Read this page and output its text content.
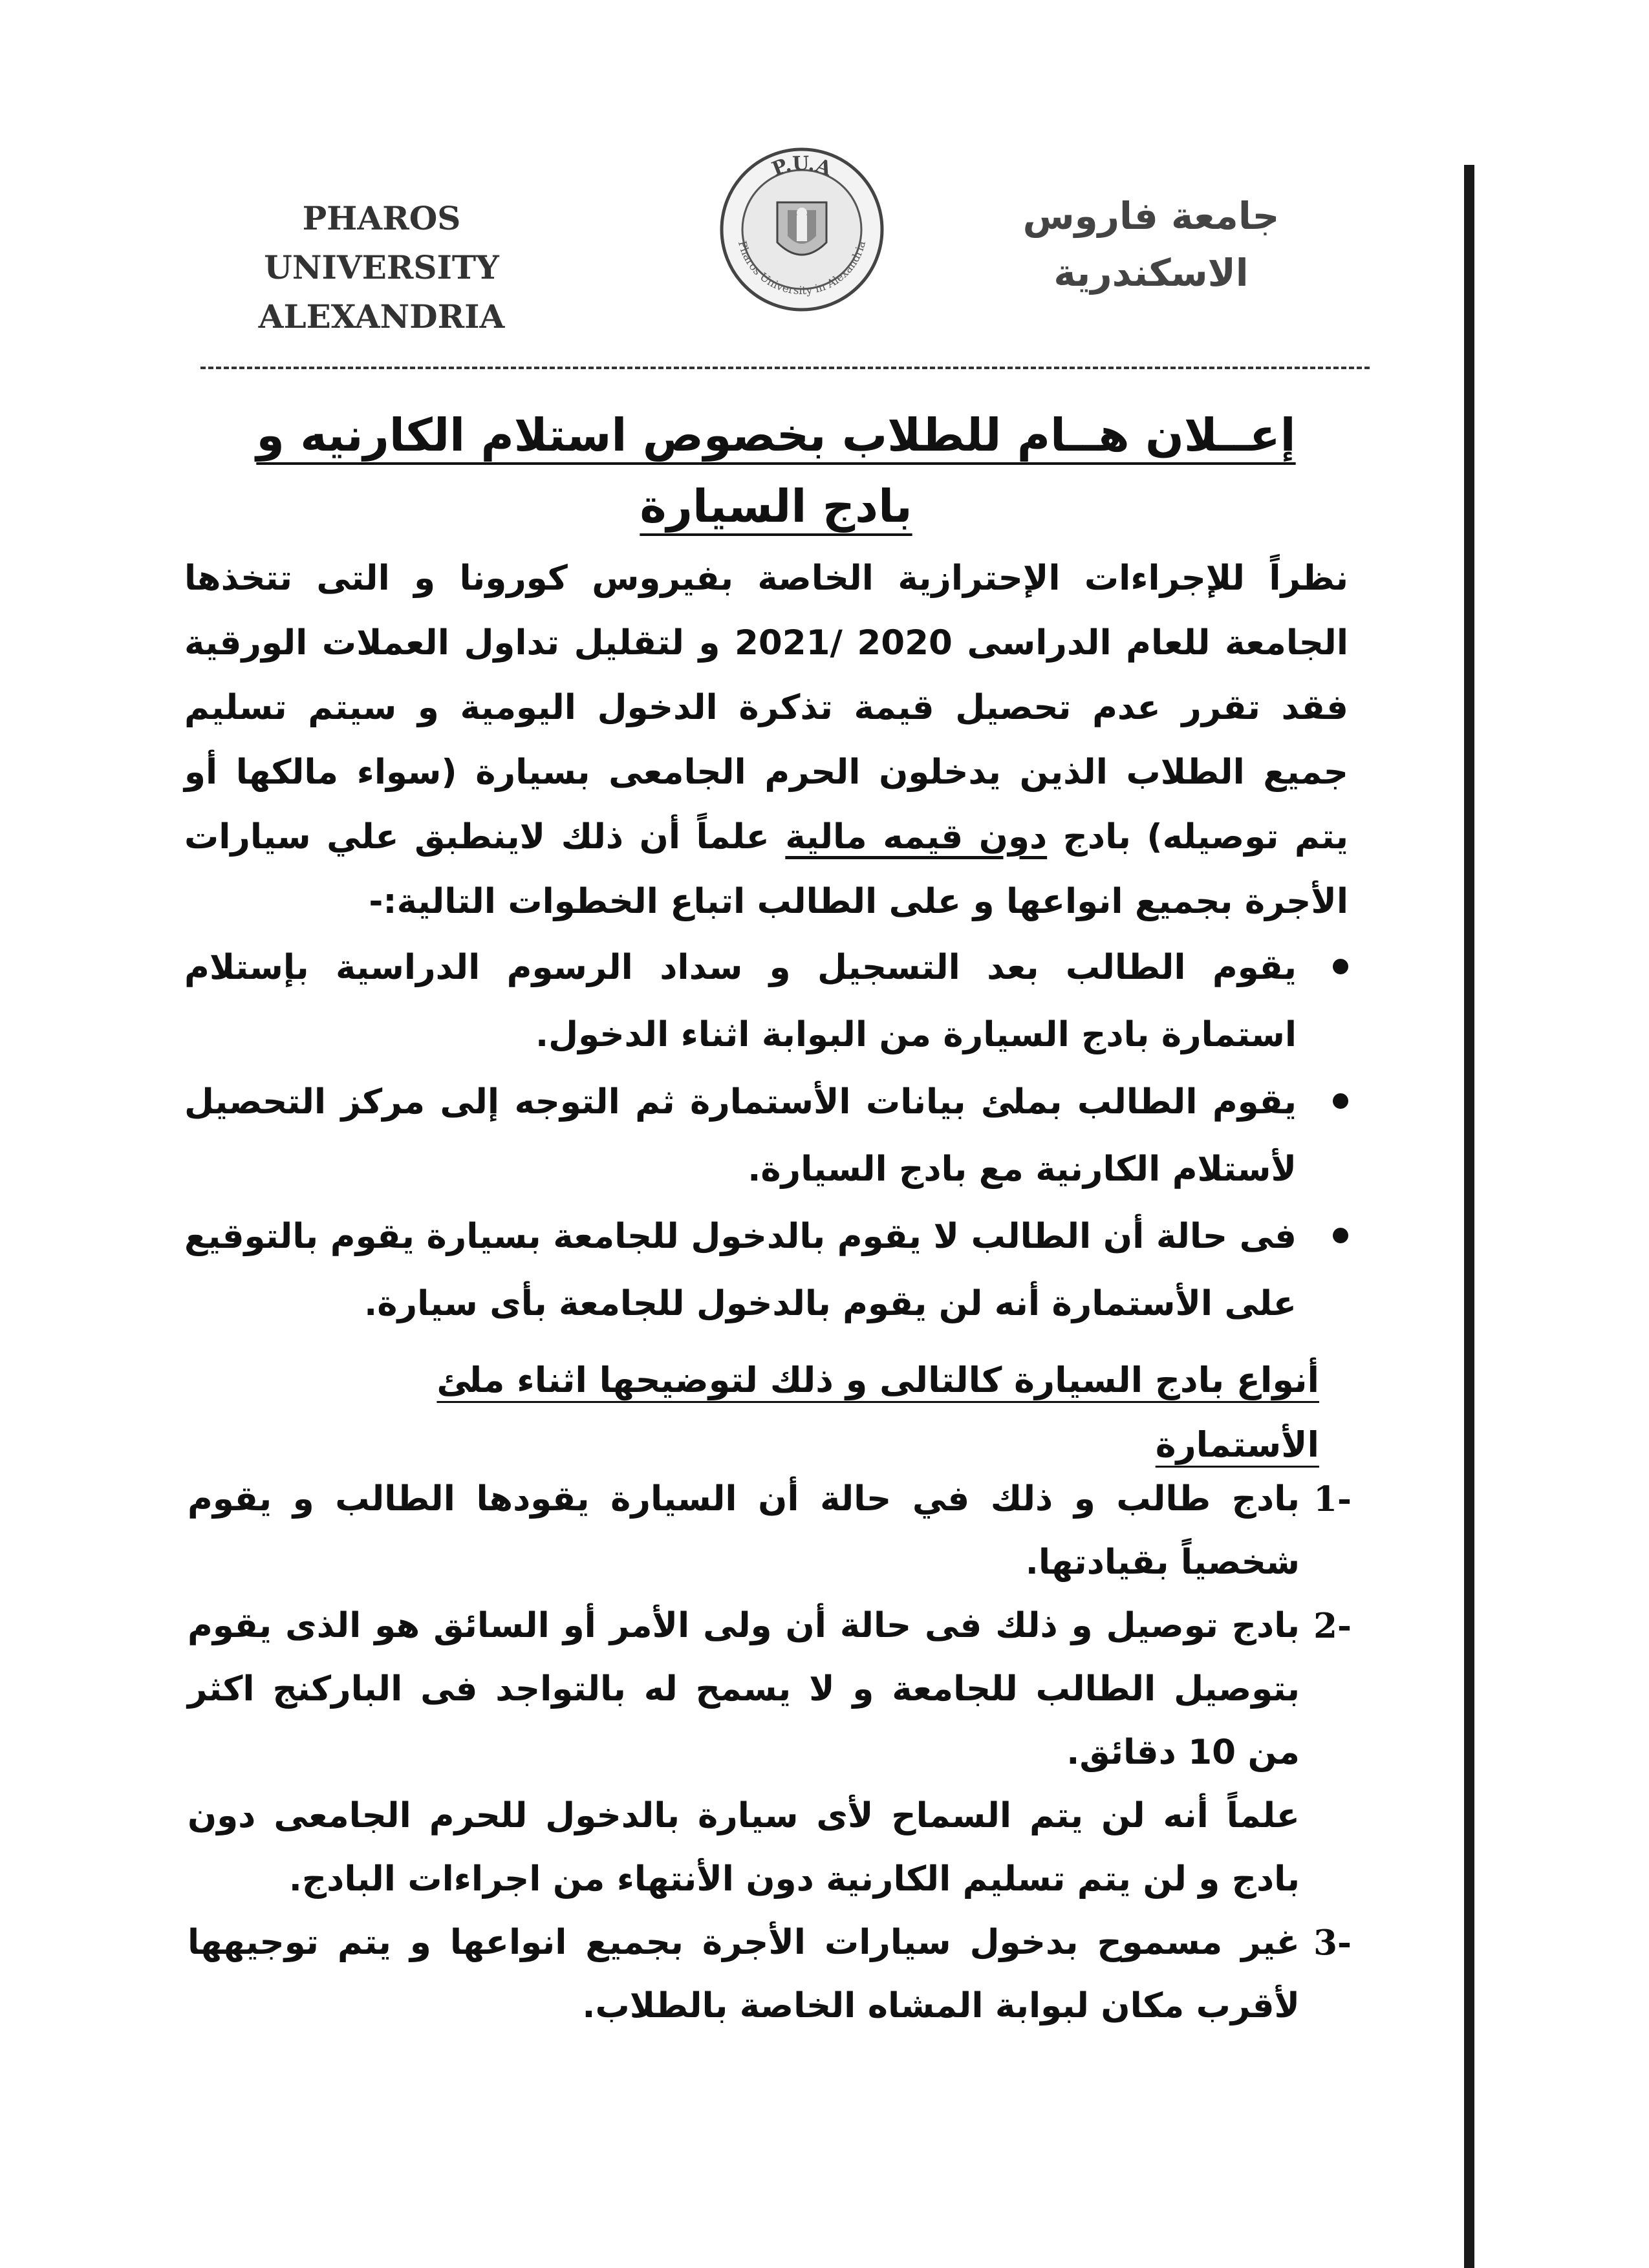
PHAROS UNIVERSITY
ALEXANDRIA
P.U.A
Pharos University in Alexandria
جامعة فاروس
الاسكندرية
إعــلان هــام للطلاب بخصوص استلام الكارنيه و بادج السيارة

نظراً للإجراءات الإحترازية الخاصة بفيروس كورونا و التى تتخذها الجامعة للعام الدراسى 2020 /2021 و لتقليل تداول العملات الورقية فقد تقرر عدم تحصيل قيمة تذكرة الدخول اليومية و سيتم تسليم جميع الطلاب الذين يدخلون الحرم الجامعى بسيارة (سواء مالكها أو يتم توصيله) بادج دون قيمه مالية علماً أن ذلك لاينطبق علي سيارات الأجرة بجميع انواعها و على الطالب اتباع الخطوات التالية:-

يقوم الطالب بعد التسجيل و سداد الرسوم الدراسية بإستلام استمارة بادج السيارة من البوابة اثناء الدخول.
يقوم الطالب بملئ بيانات الأستمارة ثم التوجه إلى مركز التحصيل لأستلام الكارنية مع بادج السيارة.
فى حالة أن الطالب لا يقوم بالدخول للجامعة بسيارة يقوم بالتوقيع على الأستمارة أنه لن يقوم بالدخول للجامعة بأى سيارة.
أنواع بادج السيارة كالتالى و ذلك لتوضيحها اثناء ملئ الأستمارة
1-
بادج طالب و ذلك في حالة أن السيارة يقودها الطالب و يقوم شخصياً بقيادتها.
2-
بادج توصيل و ذلك فى حالة أن ولى الأمر أو السائق هو الذى يقوم بتوصيل الطالب للجامعة و لا يسمح له بالتواجد فى الباركنج اكثر من 10 دقائق.
علماً أنه لن يتم السماح لأى سيارة بالدخول للحرم الجامعى دون بادج و لن يتم تسليم الكارنية دون الأنتهاء من اجراءات البادج.
3-
غير مسموح بدخول سيارات الأجرة بجميع انواعها و يتم توجيهها لأقرب مكان لبوابة المشاه الخاصة بالطلاب.
